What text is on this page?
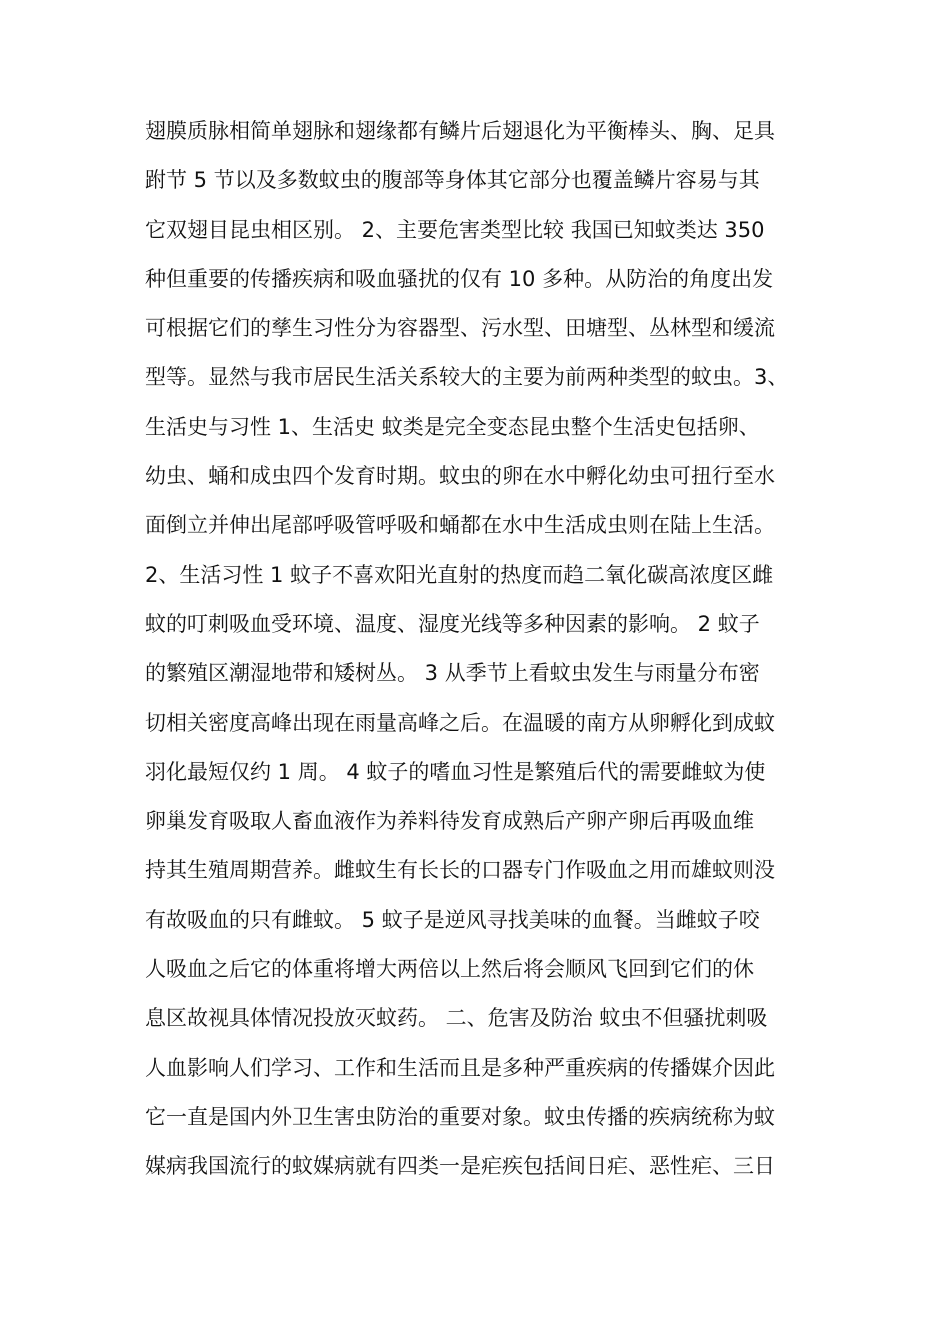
翅膜质脉相简单翅脉和翅缘都有鳞片后翅退化为平衡棒头、胸、足具
跗节 5 节以及多数蚊虫的腹部等身体其它部分也覆盖鳞片容易与其
它双翅目昆虫相区别。 2、主要危害类型比较 我国已知蚊类达 350
种但重要的传播疾病和吸血骚扰的仅有 10 多种。从防治的角度出发
可根据它们的孳生习性分为容器型、污水型、田塘型、丛林型和缓流
型等。显然与我市居民生活关系较大的主要为前两种类型的蚊虫。3、
生活史与习性 1、生活史 蚊类是完全变态昆虫整个生活史包括卵、
幼虫、蛹和成虫四个发育时期。蚊虫的卵在水中孵化幼虫可扭行至水
面倒立并伸出尾部呼吸管呼吸和蛹都在水中生活成虫则在陆上生活。
2、生活习性 1 蚊子不喜欢阳光直射的热度而趋二氧化碳高浓度区雌
蚊的叮刺吸血受环境、温度、湿度光线等多种因素的影响。 2 蚊子
的繁殖区潮湿地带和矮树丛。 3 从季节上看蚊虫发生与雨量分布密
切相关密度高峰出现在雨量高峰之后。在温暖的南方从卵孵化到成蚊
羽化最短仅约 1 周。 4 蚊子的嗜血习性是繁殖后代的需要雌蚊为使
卵巢发育吸取人畜血液作为养料待发育成熟后产卵产卵后再吸血维
持其生殖周期营养。雌蚊生有长长的口器专门作吸血之用而雄蚊则没
有故吸血的只有雌蚊。 5 蚊子是逆风寻找美味的血餐。当雌蚊子咬
人吸血之后它的体重将增大两倍以上然后将会顺风飞回到它们的休
息区故视具体情况投放灭蚊药。 二、危害及防治 蚊虫不但骚扰刺吸
人血影响人们学习、工作和生活而且是多种严重疾病的传播媒介因此
它一直是国内外卫生害虫防治的重要对象。蚊虫传播的疾病统称为蚊
媒病我国流行的蚊媒病就有四类一是疟疾包括间日疟、恶性疟、三日
